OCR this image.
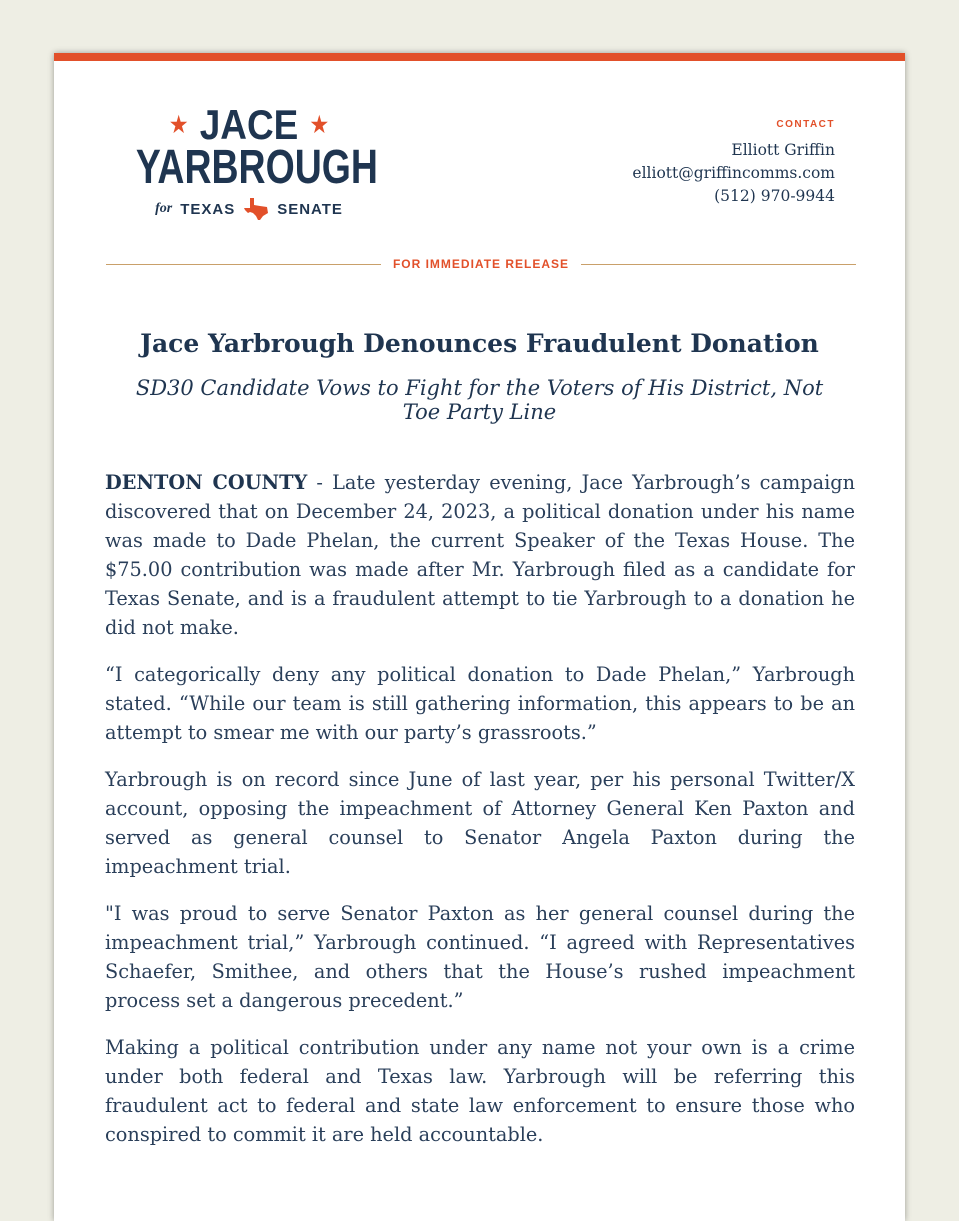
★ JACE ★
YARBROUGH
for TEXAS	SENATE
CONTACT
Elliott Griffin
elliott@griffincomms.com
(512) 970-9944
FOR IMMEDIATE RELEASE
Jace Yarbrough Denounces Fraudulent Donation
SD30 Candidate Vows to Fight for the Voters of His District, Not Toe Party Line

DENTON COUNTY - Late yesterday evening, Jace Yarbrough’s campaign discovered that on December 24, 2023, a political donation under his name was made to Dade Phelan, the current Speaker of the Texas House. The $75.00 contribution was made after Mr. Yarbrough filed as a candidate for Texas Senate, and is a fraudulent attempt to tie Yarbrough to a donation he did not make.

“I categorically deny any political donation to Dade Phelan,” Yarbrough stated. “While our team is still gathering information, this appears to be an attempt to smear me with our party’s grassroots.”

Yarbrough is on record since June of last year, per his personal Twitter/X account, opposing the impeachment of Attorney General Ken Paxton and served as general counsel to Senator Angela Paxton during the impeachment trial.

"I was proud to serve Senator Paxton as her general counsel during the impeachment trial,” Yarbrough continued. “I agreed with Representatives Schaefer, Smithee, and others that the House’s rushed impeachment process set a dangerous precedent.”

Making a political contribution under any name not your own is a crime under both federal and Texas law. Yarbrough will be referring this fraudulent act to federal and state law enforcement to ensure those who conspired to commit it are held accountable.
